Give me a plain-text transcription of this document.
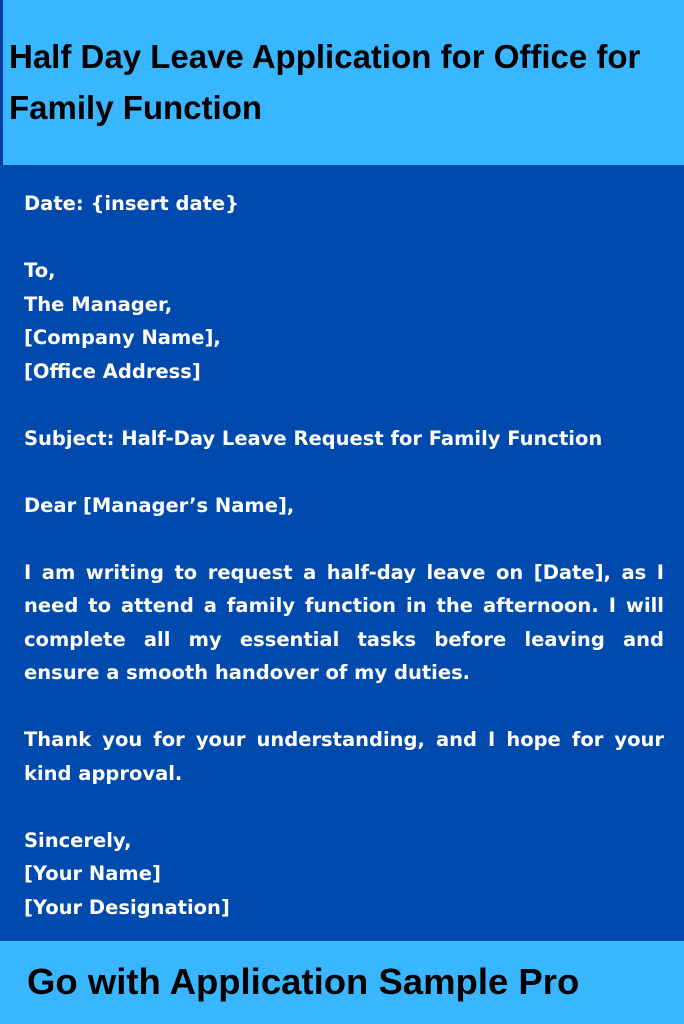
Half Day Leave Application for Office for Family Function

Date: {insert date}

To,
The Manager,
[Company Name],
[Office Address]

Subject: Half-Day Leave Request for Family Function

Dear [Manager’s Name],

I am writing to request a half-day leave on [Date], as I need to attend a family function in the afternoon. I will complete all my essential tasks before leaving and ensure a smooth handover of my duties.

Thank you for your understanding, and I hope for your kind approval.

Sincerely,
[Your Name]
[Your Designation]

Go with Application Sample Pro
